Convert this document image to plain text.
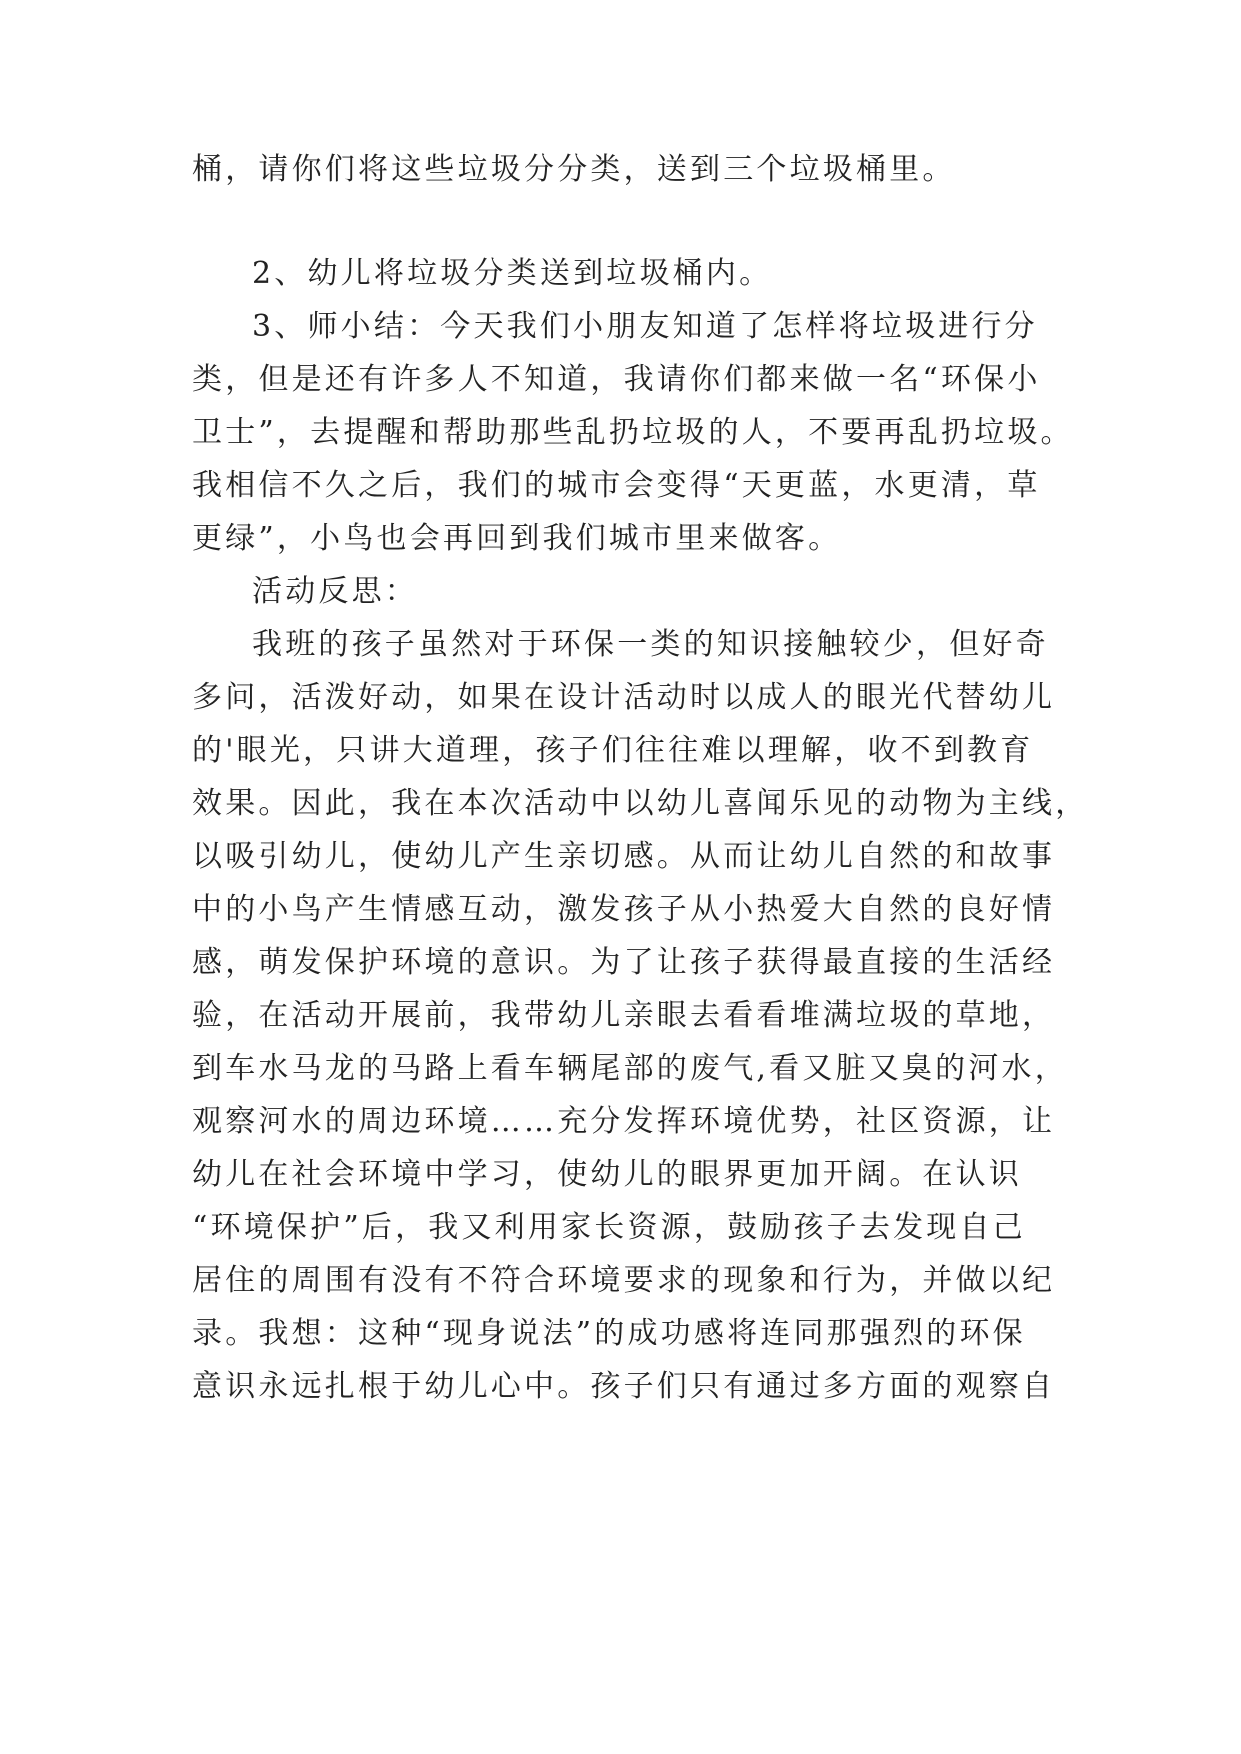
桶，请你们将这些垃圾分分类，送到三个垃圾桶里。

2、幼儿将垃圾分类送到垃圾桶内。

3、师小结：今天我们小朋友知道了怎样将垃圾进行分

类，但是还有许多人不知道，我请你们都来做一名“环保小

卫士”，去提醒和帮助那些乱扔垃圾的人，不要再乱扔垃圾。

我相信不久之后，我们的城市会变得“天更蓝，水更清，草

更绿”，小鸟也会再回到我们城市里来做客。

活动反思：

我班的孩子虽然对于环保一类的知识接触较少，但好奇

多问，活泼好动，如果在设计活动时以成人的眼光代替幼儿

的'眼光，只讲大道理，孩子们往往难以理解，收不到教育

效果。因此，我在本次活动中以幼儿喜闻乐见的动物为主线，

以吸引幼儿，使幼儿产生亲切感。从而让幼儿自然的和故事

中的小鸟产生情感互动，激发孩子从小热爱大自然的良好情

感，萌发保护环境的意识。为了让孩子获得最直接的生活经

验，在活动开展前，我带幼儿亲眼去看看堆满垃圾的草地，

到车水马龙的马路上看车辆尾部的废气,看又脏又臭的河水，

观察河水的周边环境……充分发挥环境优势，社区资源，让

幼儿在社会环境中学习，使幼儿的眼界更加开阔。在认识

“环境保护”后，我又利用家长资源，鼓励孩子去发现自己

居住的周围有没有不符合环境要求的现象和行为，并做以纪

录。我想：这种“现身说法”的成功感将连同那强烈的环保

意识永远扎根于幼儿心中。孩子们只有通过多方面的观察自
